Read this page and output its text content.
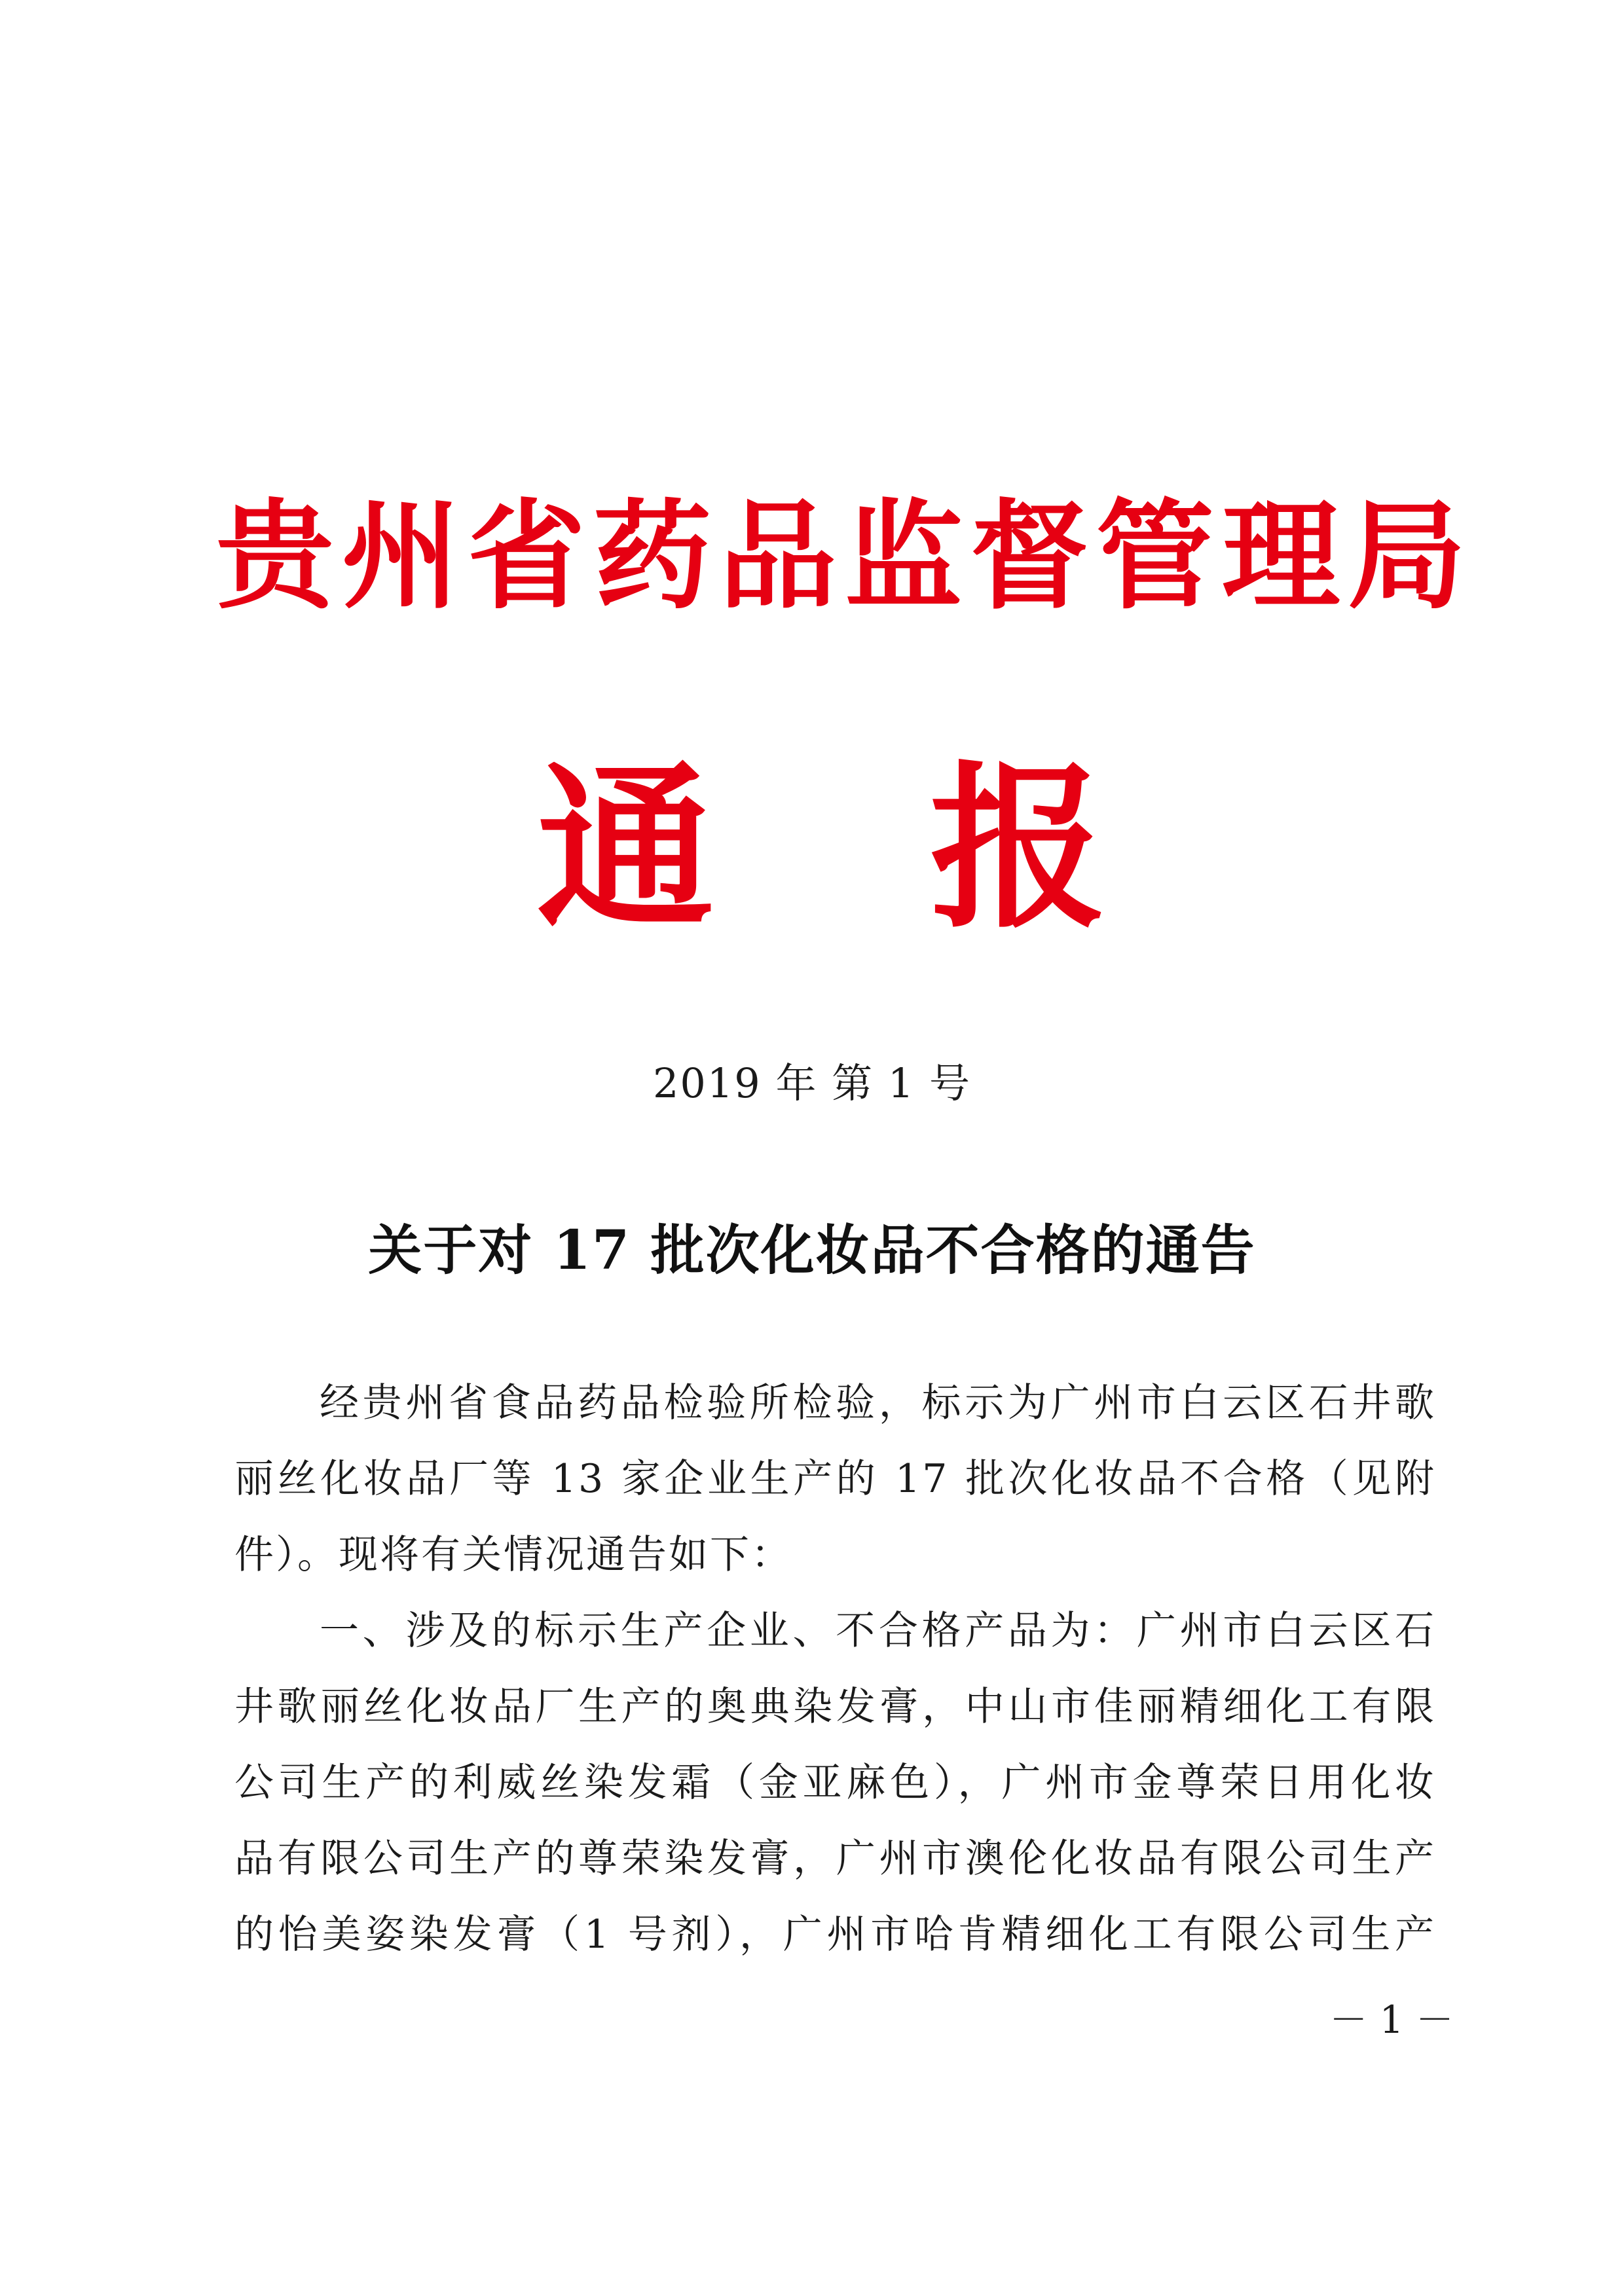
贵州省药品监督管理局
通 报
2019 年 第 1 号
关于对 17 批次化妆品不合格的通告
经贵州省食品药品检验所检验，标示为广州市白云区石井歌
丽丝化妆品厂等 13 家企业生产的 17 批次化妆品不合格（见附
件）。现将有关情况通告如下：
一、涉及的标示生产企业、不合格产品为：广州市白云区石
井歌丽丝化妆品厂生产的奥典染发膏，中山市佳丽精细化工有限
公司生产的利威丝染发霜（金亚麻色），广州市金尊荣日用化妆
品有限公司生产的尊荣染发膏，广州市澳伦化妆品有限公司生产
的怡美姿染发膏（1 号剂），广州市哈肯精细化工有限公司生产
－ 1 －
